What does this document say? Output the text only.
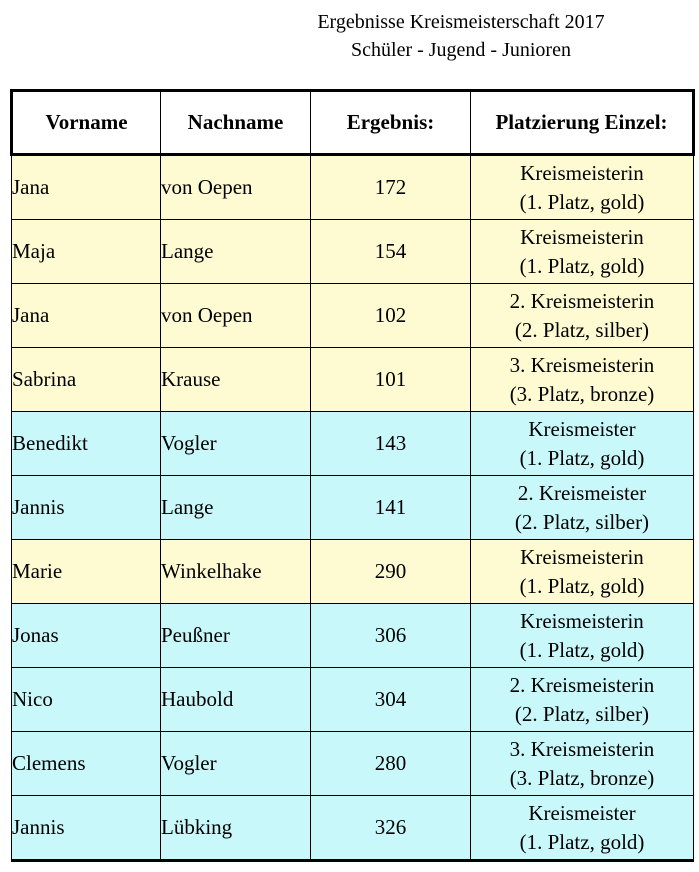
Ergebnisse Kreismeisterschaft 2017
Schüler - Jugend - Junioren
Vorname	Nachname	Ergebnis:	Platzierung Einzel:
Jana	von Oepen	172	Kreismeisterin
(1. Platz, gold)

Maja	Lange	154	Kreismeisterin
(1. Platz, gold)

Jana	von Oepen	102	2. Kreismeisterin
(2. Platz, silber)

Sabrina	Krause	101	3. Kreismeisterin
(3. Platz, bronze)

Benedikt	Vogler	143	Kreismeister
(1. Platz, gold)

Jannis	Lange	141	2. Kreismeister
(2. Platz, silber)

Marie	Winkelhake	290	Kreismeisterin
(1. Platz, gold)

Jonas	Peußner	306	Kreismeisterin
(1. Platz, gold)

Nico	Haubold	304	2. Kreismeisterin
(2. Platz, silber)

Clemens	Vogler	280	3. Kreismeisterin
(3. Platz, bronze)

Jannis	Lübking	326	Kreismeister
(1. Platz, gold)
